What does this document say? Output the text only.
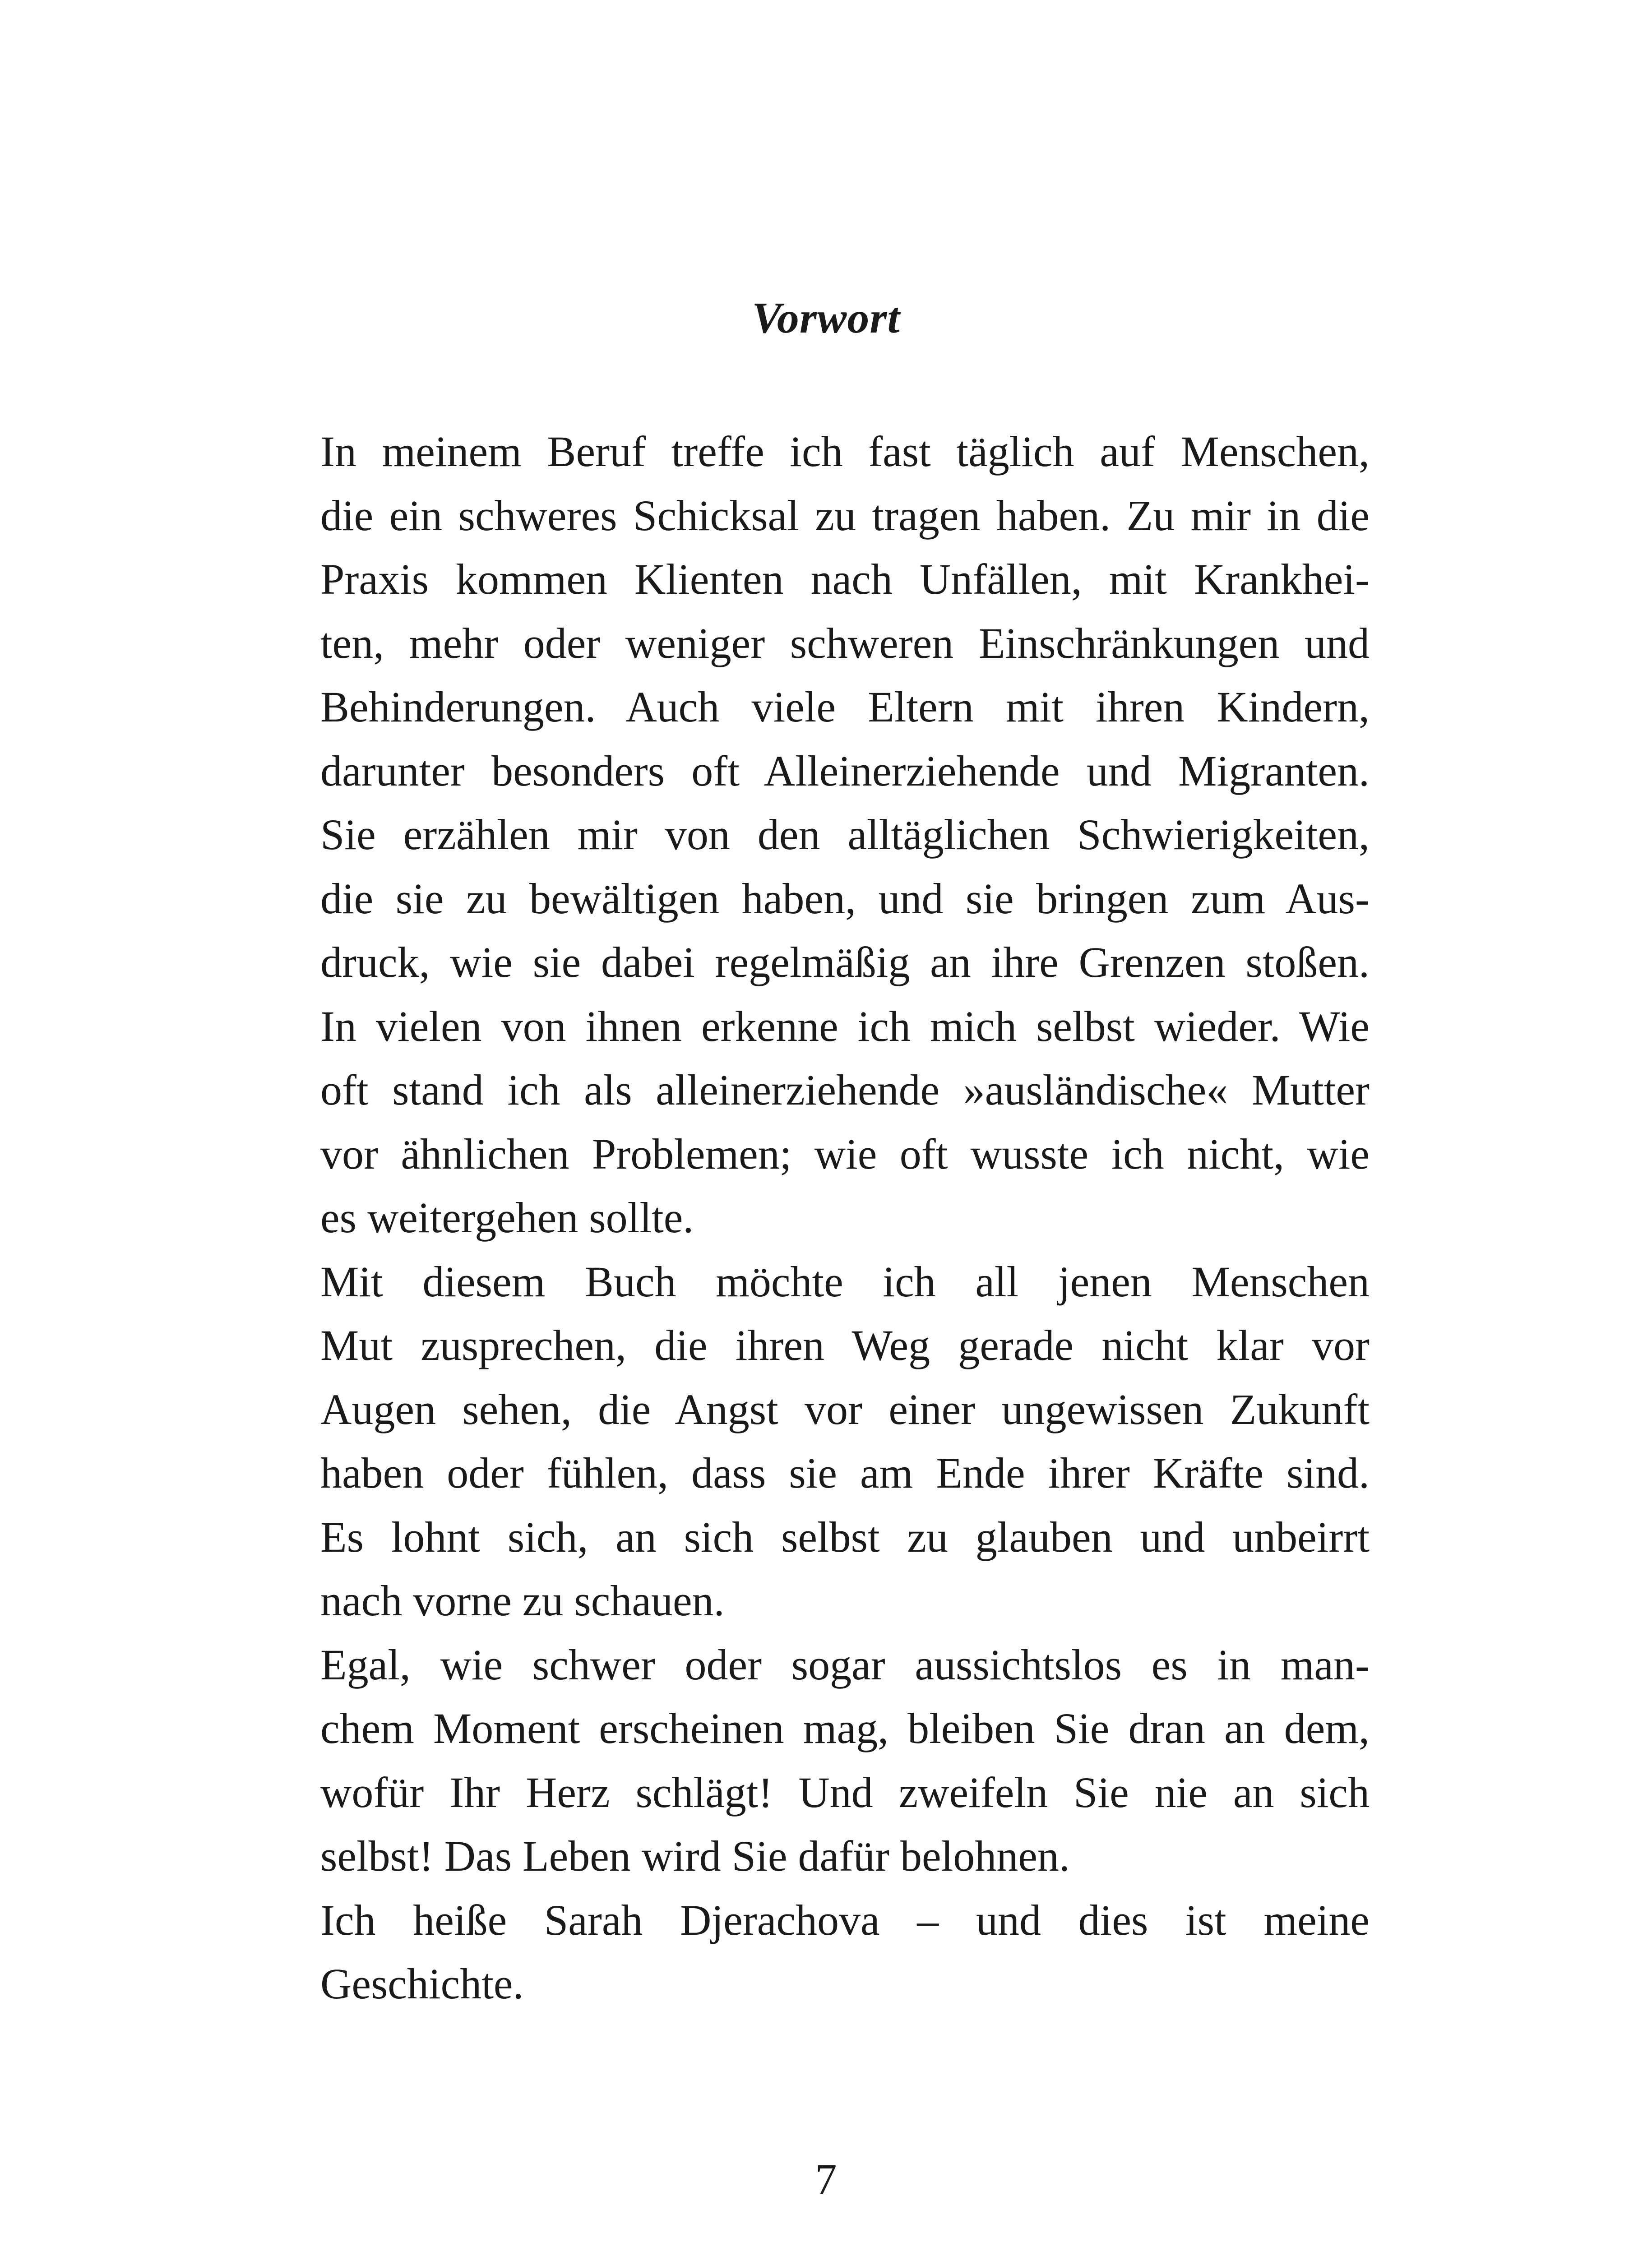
Vorwort

In meinem Beruf treffe ich fast täglich auf Menschen,
die ein schweres Schicksal zu tragen haben. Zu mir in die
Praxis kommen Klienten nach Unfällen, mit Krankhei-
ten, mehr oder weniger schweren Einschränkungen und
Behinderungen. Auch viele Eltern mit ihren Kindern,
darunter besonders oft Alleinerziehende und Migranten.

Sie erzählen mir von den alltäglichen Schwierigkeiten,
die sie zu bewältigen haben, und sie bringen zum Aus-
druck, wie sie dabei regelmäßig an ihre Grenzen stoßen.
In vielen von ihnen erkenne ich mich selbst wieder. Wie
oft stand ich als alleinerziehende »ausländische« Mutter
vor ähnlichen Problemen; wie oft wusste ich nicht, wie
es weitergehen sollte.

Mit diesem Buch möchte ich all jenen Menschen
Mut zusprechen, die ihren Weg gerade nicht klar vor
Augen sehen, die Angst vor einer ungewissen Zukunft
haben oder fühlen, dass sie am Ende ihrer Kräfte sind.
Es lohnt sich, an sich selbst zu glauben und unbeirrt
nach vorne zu schauen.

Egal, wie schwer oder sogar aussichtslos es in man-
chem Moment erscheinen mag, bleiben Sie dran an dem,
wofür Ihr Herz schlägt! Und zweifeln Sie nie an sich
selbst! Das Leben wird Sie dafür belohnen.

Ich heiße Sarah Djerachova – und dies ist meine
Geschichte.

7
